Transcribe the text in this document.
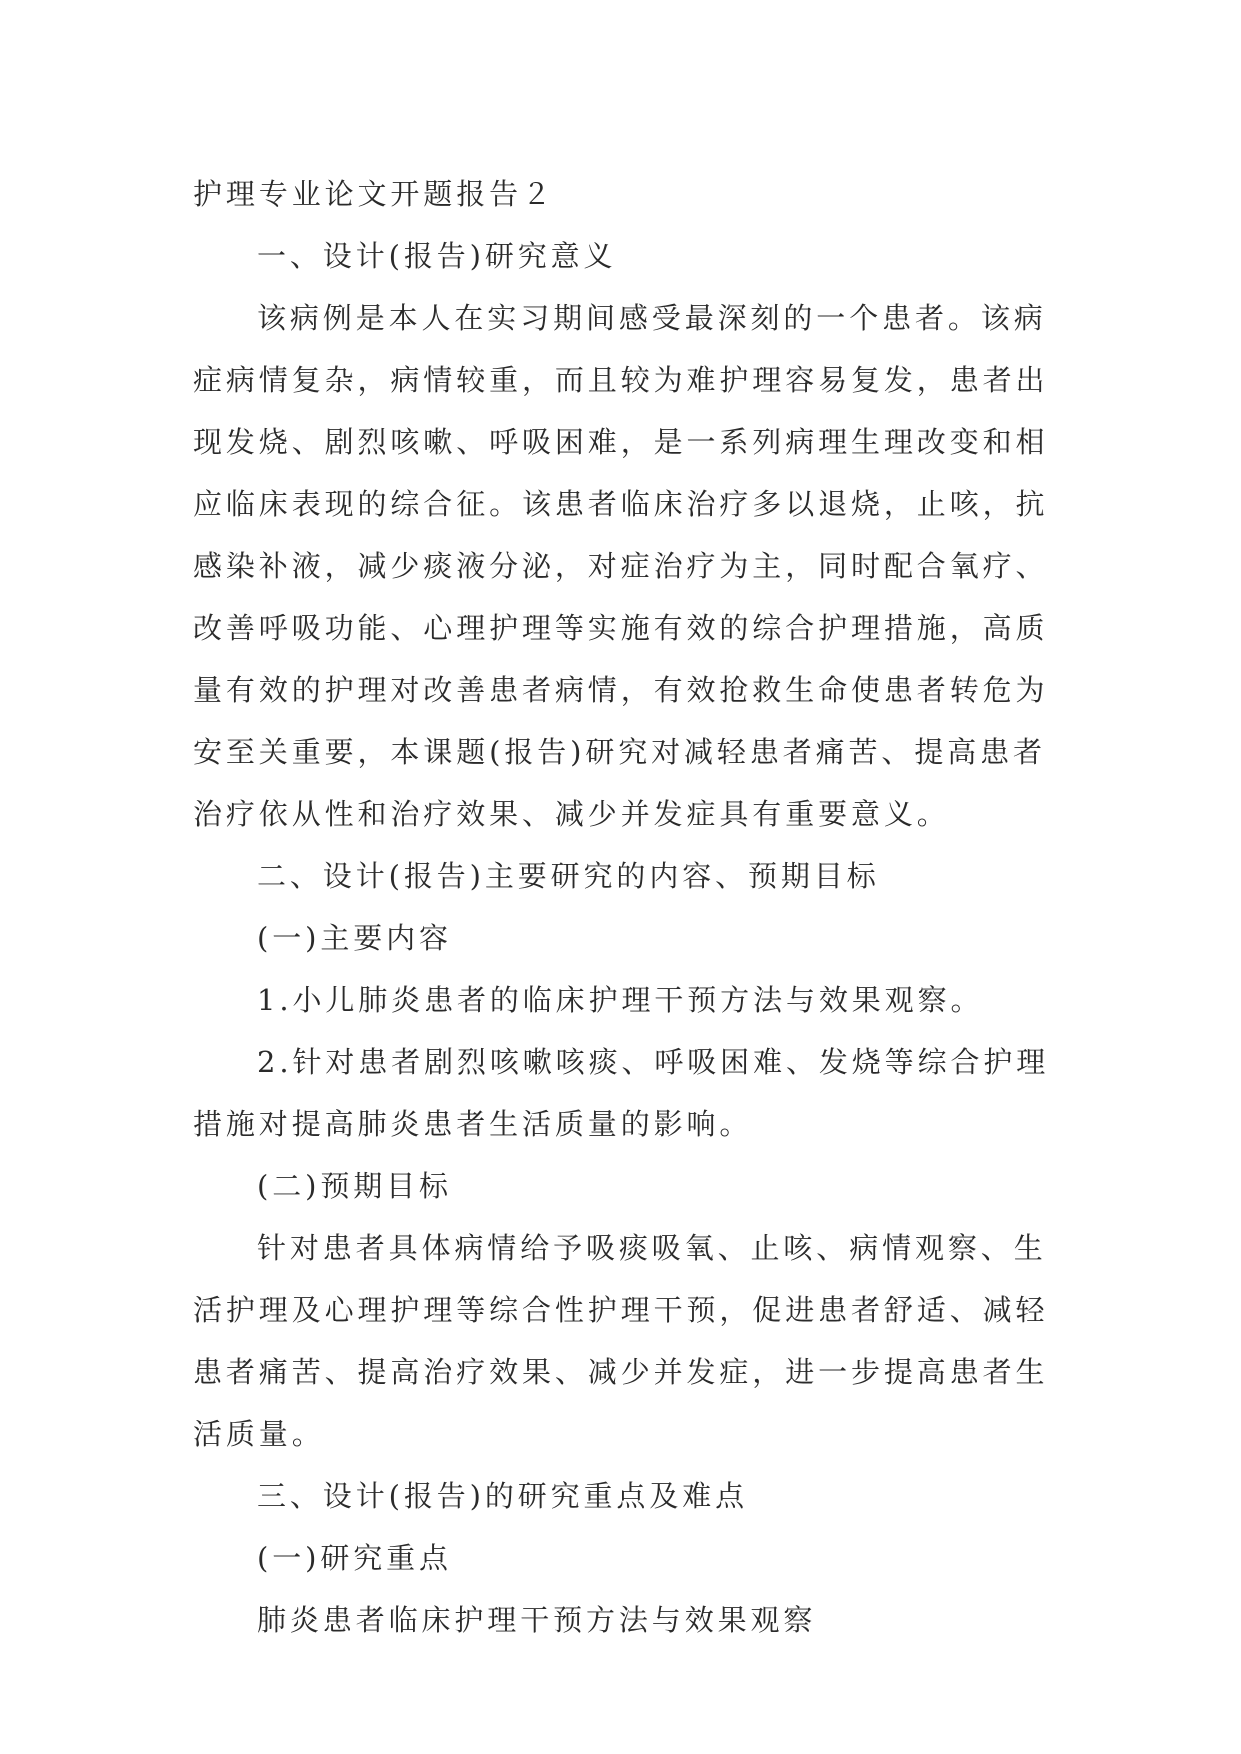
护理专业论文开题报告２
一、设计(报告)研究意义
该病例是本人在实习期间感受最深刻的一个患者。该病
症病情复杂，病情较重，而且较为难护理容易复发，患者出
现发烧、剧烈咳嗽、呼吸困难，是一系列病理生理改变和相
应临床表现的综合征。该患者临床治疗多以退烧，止咳，抗
感染补液，减少痰液分泌，对症治疗为主，同时配合氧疗、
改善呼吸功能、心理护理等实施有效的综合护理措施，高质
量有效的护理对改善患者病情，有效抢救生命使患者转危为
安至关重要，本课题(报告)研究对减轻患者痛苦、提高患者
治疗依从性和治疗效果、减少并发症具有重要意义。
二、设计(报告)主要研究的内容、预期目标
(一)主要内容
1.小儿肺炎患者的临床护理干预方法与效果观察。
2.针对患者剧烈咳嗽咳痰、呼吸困难、发烧等综合护理
措施对提高肺炎患者生活质量的影响。
(二)预期目标
针对患者具体病情给予吸痰吸氧、止咳、病情观察、生
活护理及心理护理等综合性护理干预，促进患者舒适、减轻
患者痛苦、提高治疗效果、减少并发症，进一步提高患者生
活质量。
三、设计(报告)的研究重点及难点
(一)研究重点
肺炎患者临床护理干预方法与效果观察
